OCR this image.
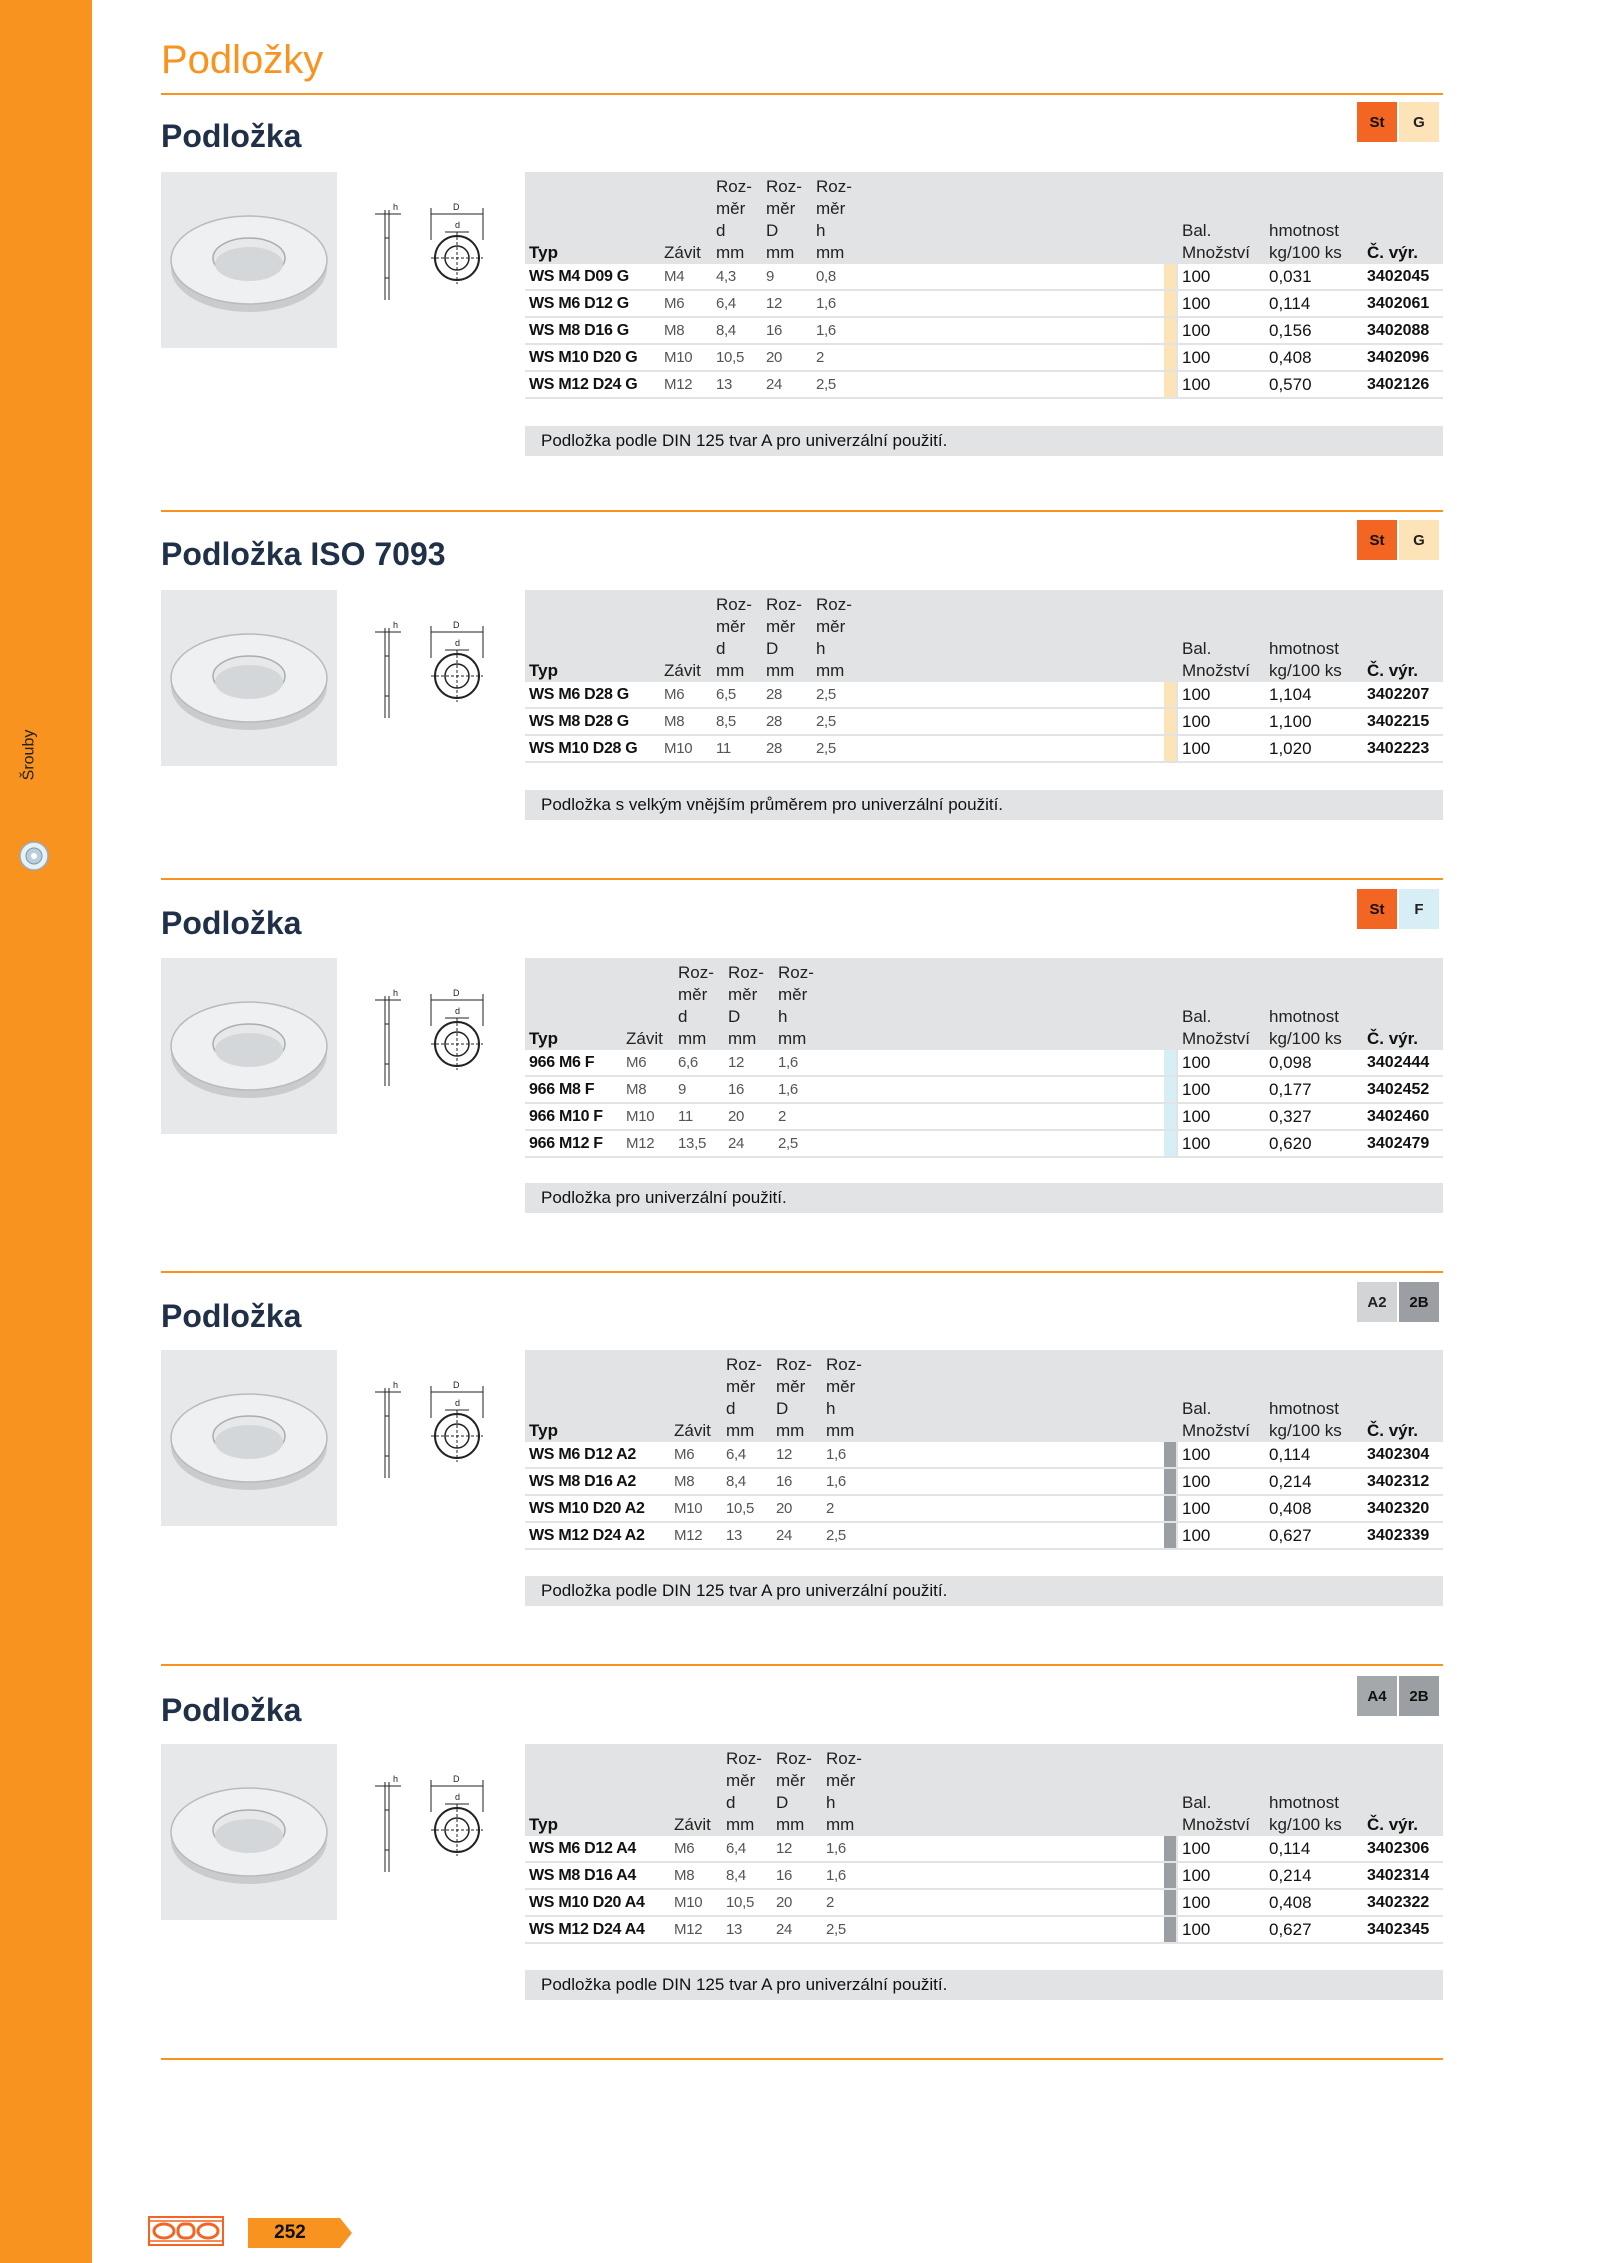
Šrouby
Podložky
Podložka	St	G
h	D
d
Typ	Závit	Roz-
měr
d
mm	Roz-
měr
D
mm	Roz-
měr
h
mm			Bal.
Množství	hmotnost
kg/100 ks	Č. výr.
WS M4 D09 G	M4	4,3	9	0,8			100	0,031	3402045
WS M6 D12 G	M6	6,4	12	1,6			100	0,114	3402061
WS M8 D16 G	M8	8,4	16	1,6			100	0,156	3402088
WS M10 D20 G	M10	10,5	20	2			100	0,408	3402096
WS M12 D24 G	M12	13	24	2,5			100	0,570	3402126
Podložka podle DIN 125 tvar A pro univerzální použití.
Podložka ISO 7093	St	G
h	D
d
Typ	Závit	Roz-
měr
d
mm	Roz-
měr
D
mm	Roz-
měr
h
mm			Bal.
Množství	hmotnost
kg/100 ks	Č. výr.
WS M6 D28 G	M6	6,5	28	2,5			100	1,104	3402207
WS M8 D28 G	M8	8,5	28	2,5			100	1,100	3402215
WS M10 D28 G	M10	11	28	2,5			100	1,020	3402223
Podložka s velkým vnějším průměrem pro univerzální použití.
Podložka	St	F
h	D
d
Typ	Závit	Roz-
měr
d
mm	Roz-
měr
D
mm	Roz-
měr
h
mm			Bal.
Množství	hmotnost
kg/100 ks	Č. výr.
966 M6 F	M6	6,6	12	1,6			100	0,098	3402444
966 M8 F	M8	9	16	1,6			100	0,177	3402452
966 M10 F	M10	11	20	2			100	0,327	3402460
966 M12 F	M12	13,5	24	2,5			100	0,620	3402479
Podložka pro univerzální použití.
Podložka	A2	2B
h	D
d
Typ	Závit	Roz-
měr
d
mm	Roz-
měr
D
mm	Roz-
měr
h
mm			Bal.
Množství	hmotnost
kg/100 ks	Č. výr.
WS M6 D12 A2	M6	6,4	12	1,6			100	0,114	3402304
WS M8 D16 A2	M8	8,4	16	1,6			100	0,214	3402312
WS M10 D20 A2	M10	10,5	20	2			100	0,408	3402320
WS M12 D24 A2	M12	13	24	2,5			100	0,627	3402339
Podložka podle DIN 125 tvar A pro univerzální použití.
Podložka	A4	2B
h	D
d
Typ	Závit	Roz-
měr
d
mm	Roz-
měr
D
mm	Roz-
měr
h
mm			Bal.
Množství	hmotnost
kg/100 ks	Č. výr.
WS M6 D12 A4	M6	6,4	12	1,6			100	0,114	3402306
WS M8 D16 A4	M8	8,4	16	1,6			100	0,214	3402314
WS M10 D20 A4	M10	10,5	20	2			100	0,408	3402322
WS M12 D24 A4	M12	13	24	2,5			100	0,627	3402345
Podložka podle DIN 125 tvar A pro univerzální použití.
252
